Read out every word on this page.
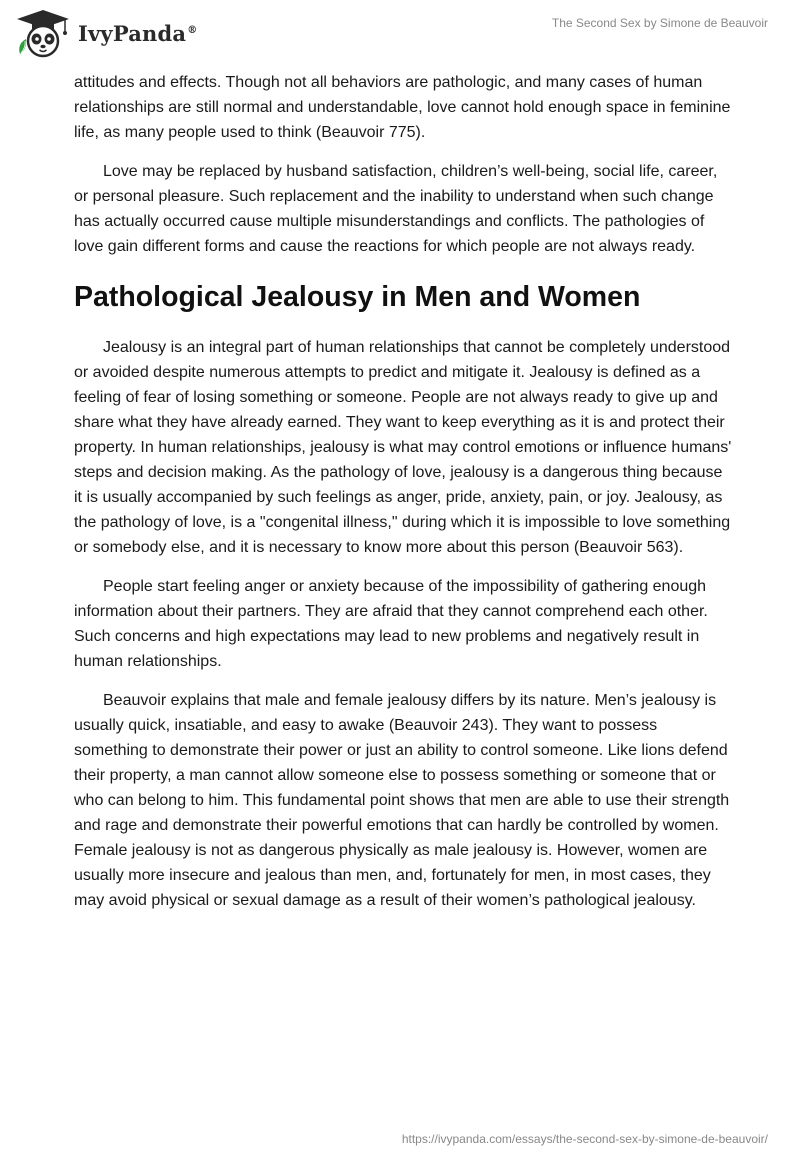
IvyPanda®	The Second Sex by Simone de Beauvoir

attitudes and effects. Though not all behaviors are pathologic, and many cases of human relationships are still normal and understandable, love cannot hold enough space in feminine life, as many people used to think (Beauvoir 775).

Love may be replaced by husband satisfaction, children’s well-being, social life, career, or personal pleasure. Such replacement and the inability to understand when such change has actually occurred cause multiple misunderstandings and conflicts. The pathologies of love gain different forms and cause the reactions for which people are not always ready.

Pathological Jealousy in Men and Women

Jealousy is an integral part of human relationships that cannot be completely understood or avoided despite numerous attempts to predict and mitigate it. Jealousy is defined as a feeling of fear of losing something or someone. People are not always ready to give up and share what they have already earned. They want to keep everything as it is and protect their property. In human relationships, jealousy is what may control emotions or influence humans' steps and decision making. As the pathology of love, jealousy is a dangerous thing because it is usually accompanied by such feelings as anger, pride, anxiety, pain, or joy. Jealousy, as the pathology of love, is a "congenital illness," during which it is impossible to love something or somebody else, and it is necessary to know more about this person (Beauvoir 563).

People start feeling anger or anxiety because of the impossibility of gathering enough information about their partners. They are afraid that they cannot comprehend each other. Such concerns and high expectations may lead to new problems and negatively result in human relationships.

Beauvoir explains that male and female jealousy differs by its nature. Men’s jealousy is usually quick, insatiable, and easy to awake (Beauvoir 243). They want to possess something to demonstrate their power or just an ability to control someone. Like lions defend their property, a man cannot allow someone else to possess something or someone that or who can belong to him. This fundamental point shows that men are able to use their strength and rage and demonstrate their powerful emotions that can hardly be controlled by women. Female jealousy is not as dangerous physically as male jealousy is. However, women are usually more insecure and jealous than men, and, fortunately for men, in most cases, they may avoid physical or sexual damage as a result of their women’s pathological jealousy.

https://ivypanda.com/essays/the-second-sex-by-simone-de-beauvoir/
